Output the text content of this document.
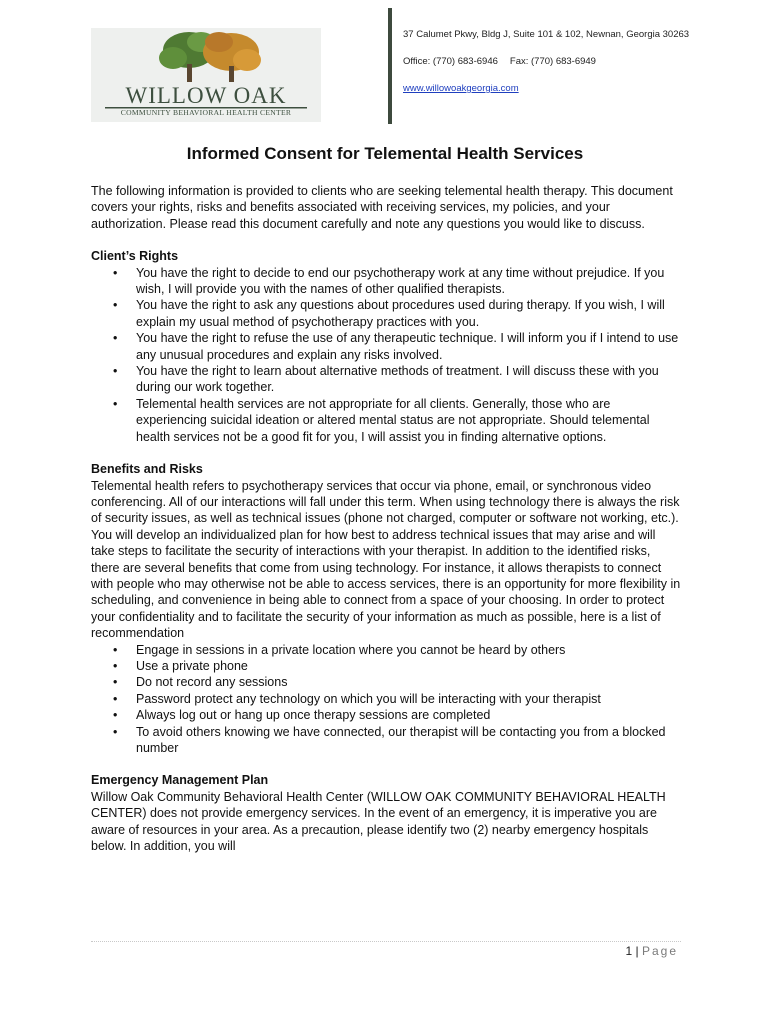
WILLOW OAK
COMMUNITY BEHAVIORAL HEALTH CENTER
37 Calumet Pkwy, Bldg J, Suite 101 & 102, Newnan, Georgia 30263
Office: (770) 683-6946 Fax: (770) 683-6949
www.willowoakgeorgia.com
Informed Consent for Telemental Health Services

The following information is provided to clients who are seeking telemental health therapy. This document covers your rights, risks and benefits associated with receiving services, my policies, and your authorization. Please read this document carefully and note any questions you would like to discuss.

Client’s Rights

• You have the right to decide to end our psychotherapy work at any time without prejudice. If you wish, I will provide you with the names of other qualified therapists.
• You have the right to ask any questions about procedures used during therapy. If you wish, I will explain my usual method of psychotherapy practices with you.
• You have the right to refuse the use of any therapeutic technique. I will inform you if I intend to use any unusual procedures and explain any risks involved.
• You have the right to learn about alternative methods of treatment. I will discuss these with you during our work together.
• Telemental health services are not appropriate for all clients. Generally, those who are experiencing suicidal ideation or altered mental status are not appropriate. Should telemental health services not be a good fit for you, I will assist you in finding alternative options.

Benefits and Risks

Telemental health refers to psychotherapy services that occur via phone, email, or synchronous video conferencing. All of our interactions will fall under this term. When using technology there is always the risk of security issues, as well as technical issues (phone not charged, computer or software not working, etc.). You will develop an individualized plan for how best to address technical issues that may arise and will take steps to facilitate the security of interactions with your therapist. In addition to the identified risks, there are several benefits that come from using technology. For instance, it allows therapists to connect with people who may otherwise not be able to access services, there is an opportunity for more flexibility in scheduling, and convenience in being able to connect from a space of your choosing. In order to protect your confidentiality and to facilitate the security of your information as much as possible, here is a list of recommendation

• Engage in sessions in a private location where you cannot be heard by others
• Use a private phone
• Do not record any sessions
• Password protect any technology on which you will be interacting with your therapist
• Always log out or hang up once therapy sessions are completed
• To avoid others knowing we have connected, our therapist will be contacting you from a blocked number

Emergency Management Plan

Willow Oak Community Behavioral Health Center (WILLOW OAK COMMUNITY BEHAVIORAL HEALTH CENTER) does not provide emergency services. In the event of an emergency, it is imperative you are aware of resources in your area. As a precaution, please identify two (2) nearby emergency hospitals below. In addition, you will

1 | Page
